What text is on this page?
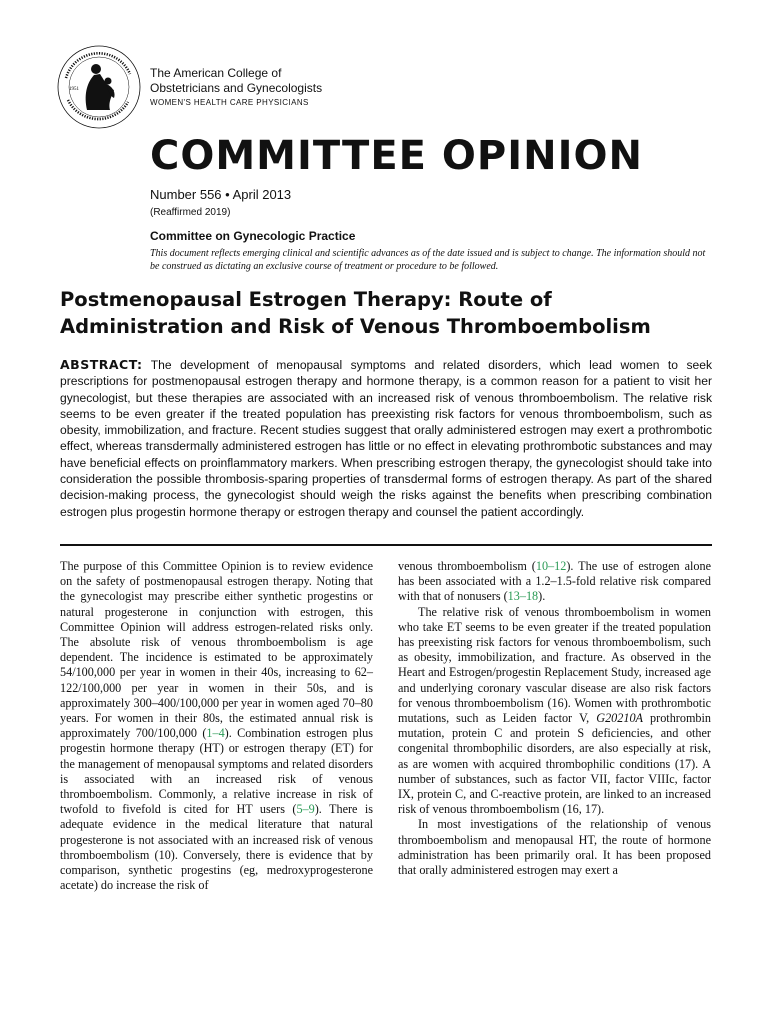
1951
The American College of
Obstetricians and Gynecologists
WOMEN'S HEALTH CARE PHYSICIANS
COMMITTEE OPINION
Number 556 • April 2013
(Reaffirmed 2019)
Committee on Gynecologic Practice
This document reflects emerging clinical and scientific advances as of the date issued and is subject to change. The information should not be construed as dictating an exclusive course of treatment or procedure to be followed.
Postmenopausal Estrogen Therapy: Route of
Administration and Risk of Venous Thromboembolism
ABSTRACT: The development of menopausal symptoms and related disorders, which lead women to seek prescriptions for postmenopausal estrogen therapy and hormone therapy, is a common reason for a patient to visit her gynecologist, but these therapies are associated with an increased risk of venous thromboembolism. The relative risk seems to be even greater if the treated population has preexisting risk factors for venous thromboembolism, such as obesity, immobilization, and fracture. Recent studies suggest that orally administered estrogen may exert a prothrombotic effect, whereas transdermally administered estrogen has little or no effect in elevating prothrombotic substances and may have beneficial effects on proinflammatory markers. When prescribing estrogen therapy, the gynecologist should take into consideration the possible thrombosis-sparing properties of transdermal forms of estrogen therapy. As part of the shared decision-making process, the gynecologist should weigh the risks against the benefits when prescribing combination estrogen plus progestin hormone therapy or estrogen therapy and counsel the patient accordingly.

The purpose of this Committee Opinion is to review evidence on the safety of postmenopausal estrogen therapy. Noting that the gynecologist may prescribe either synthetic progestins or natural progesterone in conjunction with estrogen, this Committee Opinion will address estrogen-related risks only. The absolute risk of venous thromboembolism is age dependent. The incidence is estimated to be approximately 54/100,000 per year in women in their 40s, increasing to 62–122/100,000 per year in women in their 50s, and is approximately 300–400/100,000 per year in women aged 70–80 years. For women in their 80s, the estimated annual risk is approximately 700/100,000 (1–4). Combination estrogen plus progestin hormone therapy (HT) or estrogen therapy (ET) for the management of menopausal symptoms and related disorders is associated with an increased risk of venous thromboembolism. Commonly, a relative increase in risk of twofold to fivefold is cited for HT users (5–9). There is adequate evidence in the medical literature that natural progesterone is not associated with an increased risk of venous thromboembolism (10). Conversely, there is evidence that by comparison, synthetic progestins (eg, medroxyprogesterone acetate) do increase the risk of

venous thromboembolism (10–12). The use of estrogen alone has been associated with a 1.2–1.5-fold relative risk compared with that of nonusers (13–18).

The relative risk of venous thromboembolism in women who take ET seems to be even greater if the treated population has preexisting risk factors for venous thromboembolism, such as obesity, immobilization, and fracture. As observed in the Heart and Estrogen/progestin Replacement Study, increased age and underlying coronary vascular disease are also risk factors for venous thromboembolism (16). Women with prothrombotic mutations, such as Leiden factor V, G20210A prothrombin mutation, protein C and protein S deficiencies, and other congenital thrombophilic disorders, are also especially at risk, as are women with acquired thrombophilic conditions (17). A number of substances, such as factor VII, factor VIIIc, factor IX, protein C, and C-reactive protein, are linked to an increased risk of venous thromboembolism (16, 17).

In most investigations of the relationship of venous thromboembolism and menopausal HT, the route of hormone administration has been primarily oral. It has been proposed that orally administered estrogen may exert a
